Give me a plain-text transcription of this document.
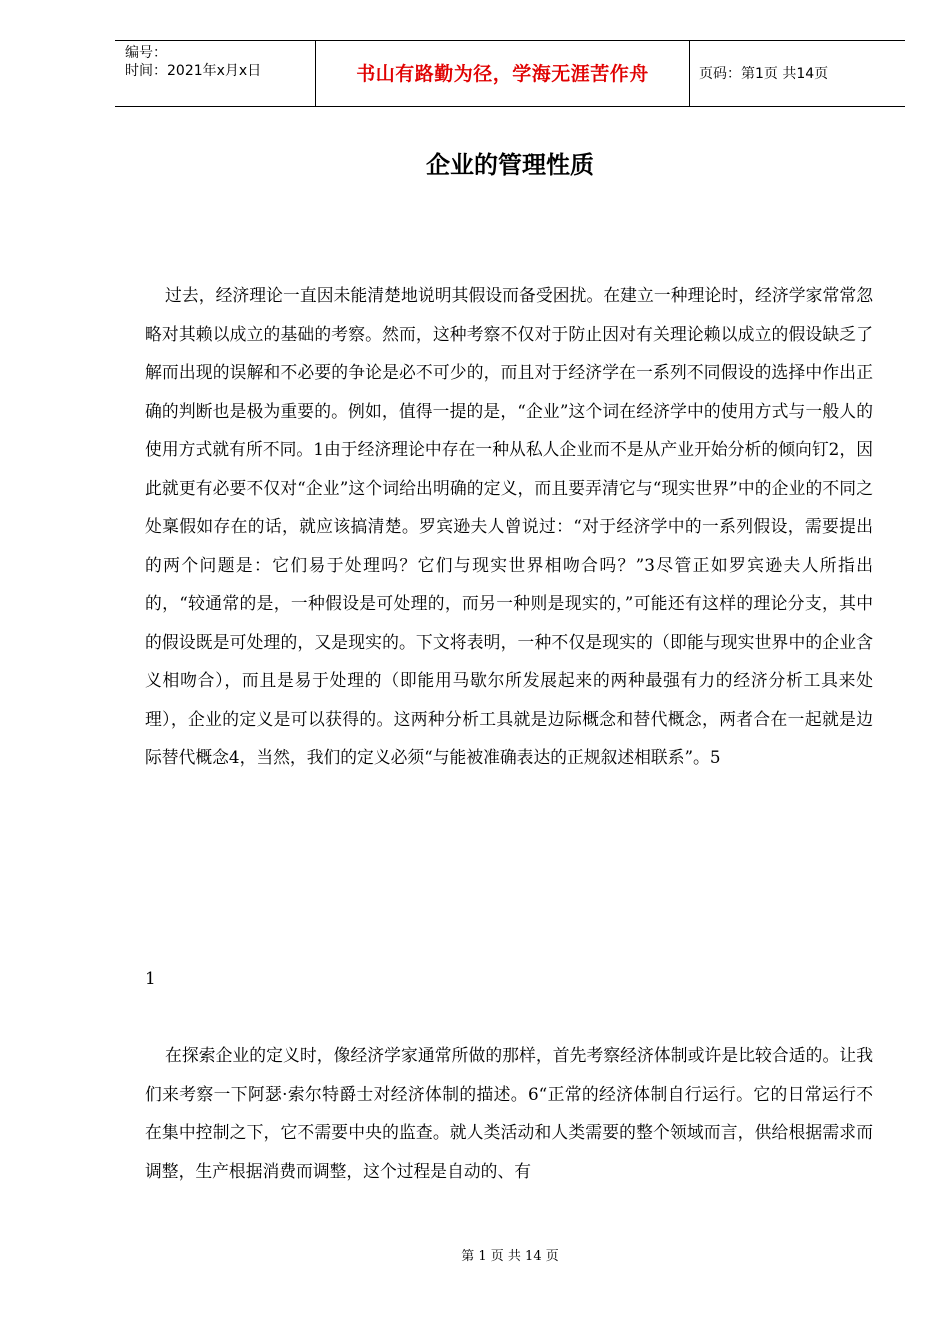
编号：
时间：2021年x月x日	书山有路勤为径，学海无涯苦作舟	页码：第1页 共14页
企业的管理性质

过去，经济理论一直因未能清楚地说明其假设而备受困扰。在建立一种理论时，经济学家常常忽略对其赖以成立的基础的考察。然而，这种考察不仅对于防止因对有关理论赖以成立的假设缺乏了解而出现的误解和不必要的争论是必不可少的，而且对于经济学在一系列不同假设的选择中作出正确的判断也是极为重要的。例如，值得一提的是，“企业”这个词在经济学中的使用方式与一般人的使用方式就有所不同。1由于经济理论中存在一种从私人企业而不是从产业开始分析的倾向钉2，因此就更有必要不仅对“企业”这个词给出明确的定义，而且要弄清它与“现实世界”中的企业的不同之处稟假如存在的话，就应该搞清楚。罗宾逊夫人曾说过：“对于经济学中的一系列假设，需要提出的两个问题是：它们易于处理吗？它们与现实世界相吻合吗？”3尽管正如罗宾逊夫人所指出的，“较通常的是，一种假设是可处理的，而另一种则是现实的，”可能还有这样的理论分支，其中的假设既是可处理的，又是现实的。下文将表明，一种不仅是现实的（即能与现实世界中的企业含义相吻合），而且是易于处理的（即能用马歇尔所发展起来的两种最强有力的经济分析工具来处理），企业的定义是可以获得的。这两种分析工具就是边际概念和替代概念，两者合在一起就是边际替代概念4，当然，我们的定义必须“与能被准确表达的正规叙述相联系”。5

1

在探索企业的定义时，像经济学家通常所做的那样，首先考察经济体制或许是比较合适的。让我们来考察一下阿瑟·索尔特爵士对经济体制的描述。6“正常的经济体制自行运行。它的日常运行不在集中控制之下，它不需要中央的监查。就人类活动和人类需要的整个领域而言，供给根据需求而调整，生产根据消费而调整，这个过程是自动的、有

第 1 页 共 14 页
